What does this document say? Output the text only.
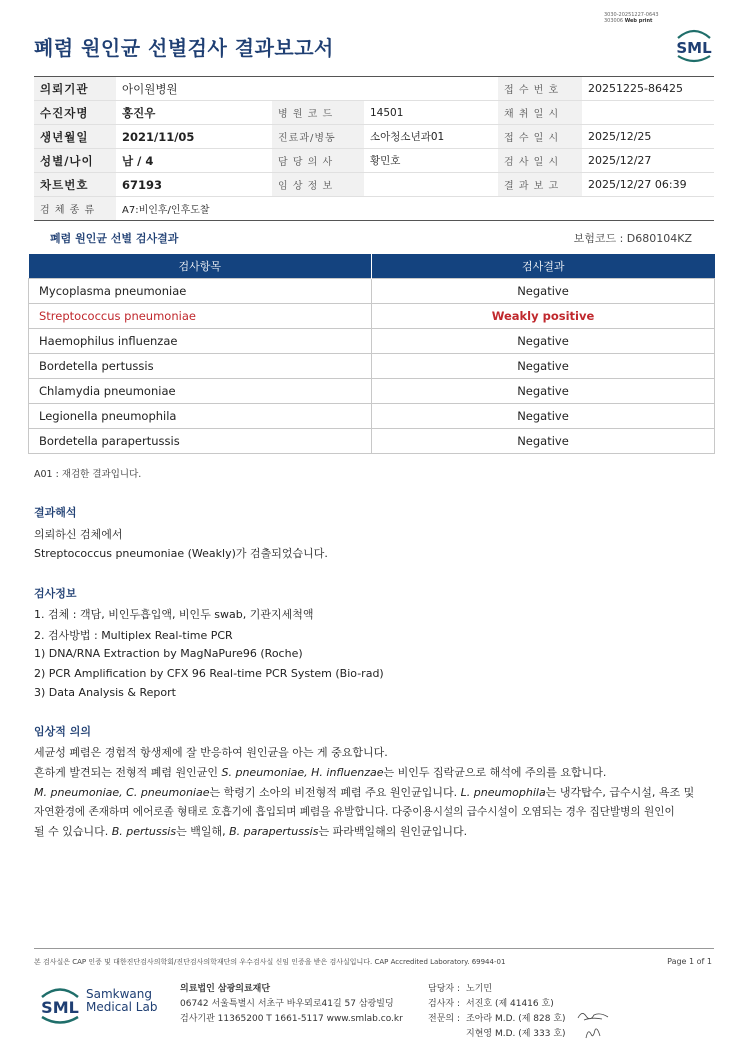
3030-20251227-0643
303006 Web print
폐렴 원인균 선별검사 결과보고서	SML
의뢰기관	아이원병원			접 수 번 호	20251225-86425
수진자명	홍진우	병 원 코 드	14501	채 취 일 시	
생년월일	2021/11/05	진료과/병동	소아청소년과01	접 수 일 시	2025/12/25
성별/나이	남 / 4	담 당 의 사	황민호	검 사 일 시	2025/12/27
차트번호	67193	임 상 정 보		결 과 보 고	2025/12/27 06:39
검 체 종 류	A7:비인후/인후도찰				
폐렴 원인균 선별 검사결과	보험코드 : D680104KZ
검사항목	검사결과
Mycoplasma pneumoniae	Negative
Streptococcus pneumoniae	Weakly positive
Haemophilus influenzae	Negative
Bordetella pertussis	Negative
Chlamydia pneumoniae	Negative
Legionella pneumophila	Negative
Bordetella parapertussis	Negative
A01 : 재검한 결과입니다.
결과해석
의뢰하신 검체에서
Streptococcus pneumoniae (Weakly)가 검출되었습니다.
검사정보
1. 검체 : 객담, 비인두흡입액, 비인두 swab, 기관지세척액
2. 검사방법 : Multiplex Real-time PCR
1) DNA/RNA Extraction by MagNaPure96 (Roche)
2) PCR Amplification by CFX 96 Real-time PCR System (Bio-rad)
3) Data Analysis & Report
임상적 의의
세균성 폐렴은 경험적 항생제에 잘 반응하여 원인균을 아는 게 중요합니다.
흔하게 발견되는 전형적 폐렴 원인균인 S. pneumoniae, H. influenzae는 비인두 집락균으로 해석에 주의를 요합니다.
M. pneumoniae, C. pneumoniae는 학령기 소아의 비전형적 폐렴 주요 원인균입니다. L. pneumophila는 냉각탑수, 급수시설, 욕조 및
자연환경에 존재하며 에어로졸 형태로 호흡기에 흡입되며 폐렴을 유발합니다. 다중이용시설의 급수시설이 오염되는 경우 집단발병의 원인이
될 수 있습니다. B. pertussis는 백일해, B. parapertussis는 파라백일해의 원인균입니다.
본 검사실은 CAP 인증 및 대한진단검사의학회/진단검사의학재단의 우수검사실 신임 인증을 받은 검사실입니다. CAP Accredited Laboratory. 69944-01	Page 1 of 1
SML
Samkwang
Medical Lab
의료법인 삼광의료재단
06742 서울특별시 서초구 바우뫼로41길 57 삼광빌딩
검사기관 11365200 T 1661-5117 www.smlab.co.kr
담당자 : 노기민
검사자 : 서진호 (제 41416 호)
전문의 : 조아라 M.D. (제 828 호)
지현영 M.D. (제 333 호)
